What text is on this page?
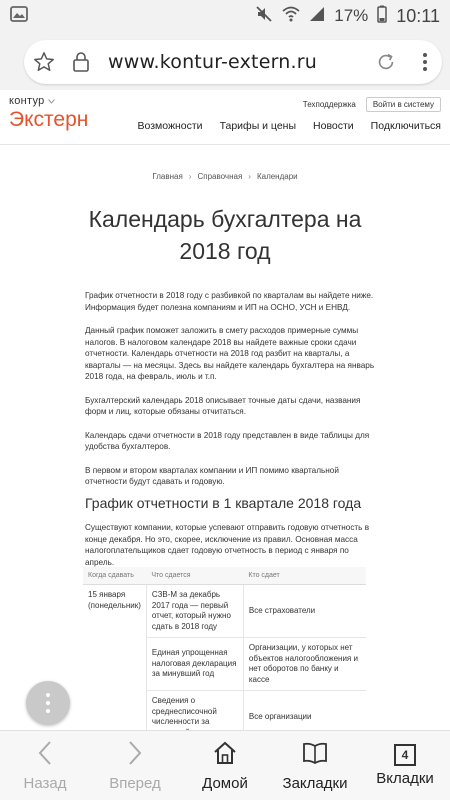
17% 10:11
www.kontur-extern.ru
контур
Экстерн
Техподдержка	Войти в систему
Возможности Тарифы и цены Новости Подключиться
Главная › Справочная › Календари
Календарь бухгалтера на 2018 год

График отчетности в 2018 году с разбивкой по кварталам вы найдете ниже. Информация будет полезна компаниям и ИП на ОСНО, УСН и ЕНВД.

Данный график поможет заложить в смету расходов примерные суммы налогов. В налоговом календаре 2018 вы найдете важные сроки сдачи отчетности. Календарь отчетности на 2018 год разбит на кварталы, а кварталы — на месяцы. Здесь вы найдете календарь бухгалтера на январь 2018 года, на февраль, июль и т.п.

Бухгалтерский календарь 2018 описывает точные даты сдачи, названия форм и лиц, которые обязаны отчитаться.

Календарь сдачи отчетности в 2018 году представлен в виде таблицы для удобства бухгалтеров.

В первом и втором кварталах компании и ИП помимо квартальной отчетности будут сдавать и годовую.

График отчетности в 1 квартале 2018 года
Существуют компании, которые успевают отправить годовую отчетность в конце декабря. Но это, скорее, исключение из правил. Основная масса налогоплательщиков сдает годовую отчетность в период с января по апрель.
Когда сдавать	Что сдается	Кто сдает
15 января (понедельник)	СЗВ-М за декабрь 2017 года — первый отчет, который нужно сдать в 2018 году	Все страхователи
	Единая упрощенная налоговая декларация за минувший год	Организации, у которых нет объектов налогообложения и нет оборотов по банку и кассе
	Сведения о среднесписочной численности за	Все организации

Назад	Вперед	Домой Закладки
4
Вкладки
